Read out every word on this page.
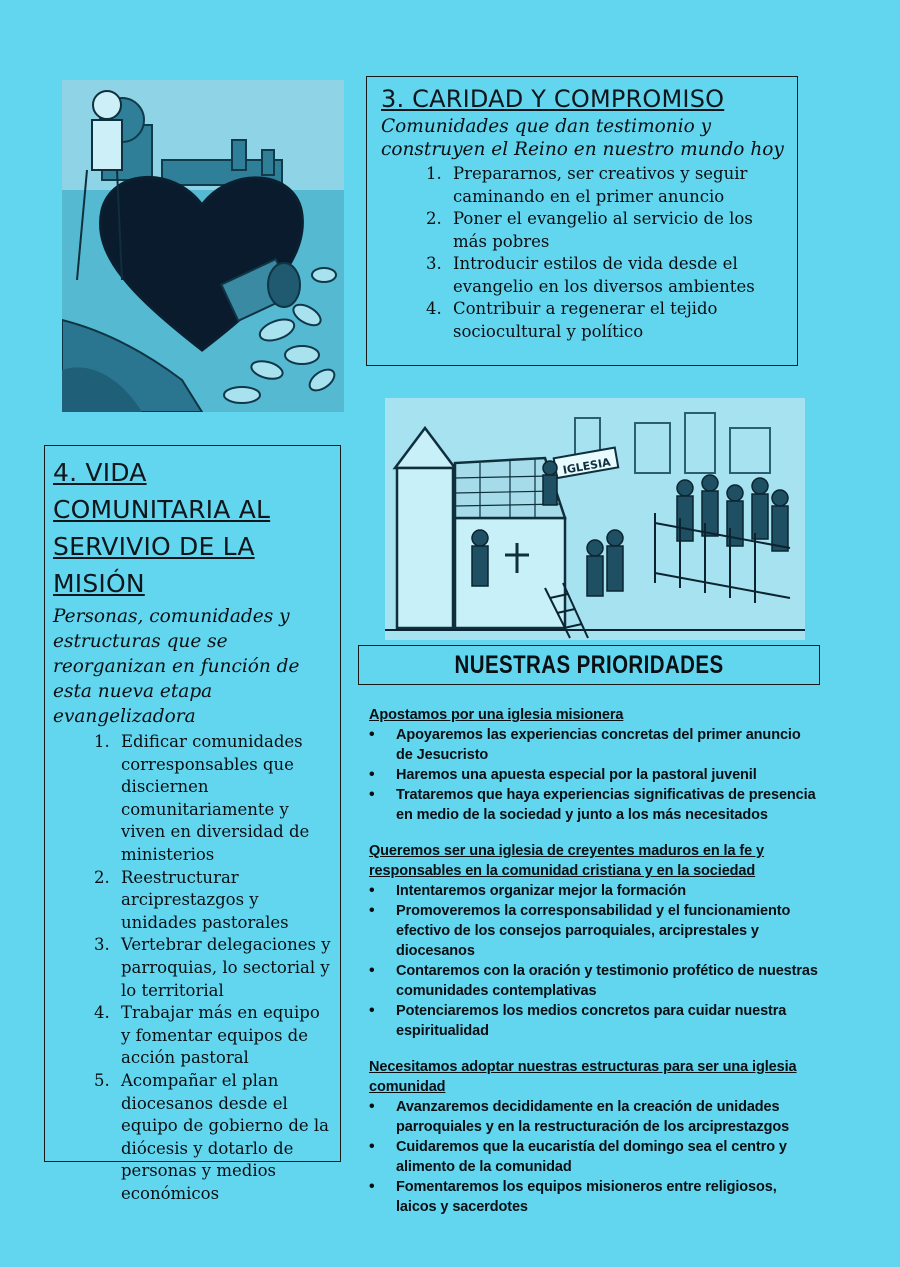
3. CARIDAD Y COMPROMISO
Comunidades que dan testimonio y construyen el Reino en nuestro mundo hoy
1. Prepararnos, ser creativos y seguir caminando en el primer anuncio
2. Poner el evangelio al servicio de los más pobres
3. Introducir estilos de vida desde el evangelio en los diversos ambientes
4. Contribuir a regenerar el tejido sociocultural y político
IGLESIA
4. VIDA COMUNITARIA AL SERVIVIO DE LA MISIÓN
Personas, comunidades y estructuras que se reorganizan en función de esta nueva etapa evangelizadora
1. Edificar comunidades corresponsables que disciernen comunitariamente y viven en diversidad de ministerios
2. Reestructurar arciprestazgos y unidades pastorales
3. Vertebrar delegaciones y parroquias, lo sectorial y lo territorial
4. Trabajar más en equipo y fomentar equipos de acción pastoral
5. Acompañar el plan diocesanos desde el equipo de gobierno de la diócesis y dotarlo de personas y medios económicos
NUESTRAS PRIORIDADES

Apostamos por una iglesia misionera

• Apoyaremos las experiencias concretas del primer anuncio de Jesucristo
• Haremos una apuesta especial por la pastoral juvenil
• Trataremos que haya experiencias significativas de presencia en medio de la sociedad y junto a los más necesitados

Queremos ser una iglesia de creyentes maduros en la fe y responsables en la comunidad cristiana y en la sociedad

• Intentaremos organizar mejor la formación
• Promoveremos la corresponsabilidad y el funcionamiento efectivo de los consejos parroquiales, arciprestales y diocesanos
• Contaremos con la oración y testimonio profético de nuestras comunidades contemplativas
• Potenciaremos los medios concretos para cuidar nuestra espiritualidad

Necesitamos adoptar nuestras estructuras para ser una iglesia comunidad

• Avanzaremos decididamente en la creación de unidades parroquiales y en la restructuración de los arciprestazgos
• Cuidaremos que la eucaristía del domingo sea el centro y alimento de la comunidad
• Fomentaremos los equipos misioneros entre religiosos, laicos y sacerdotes
